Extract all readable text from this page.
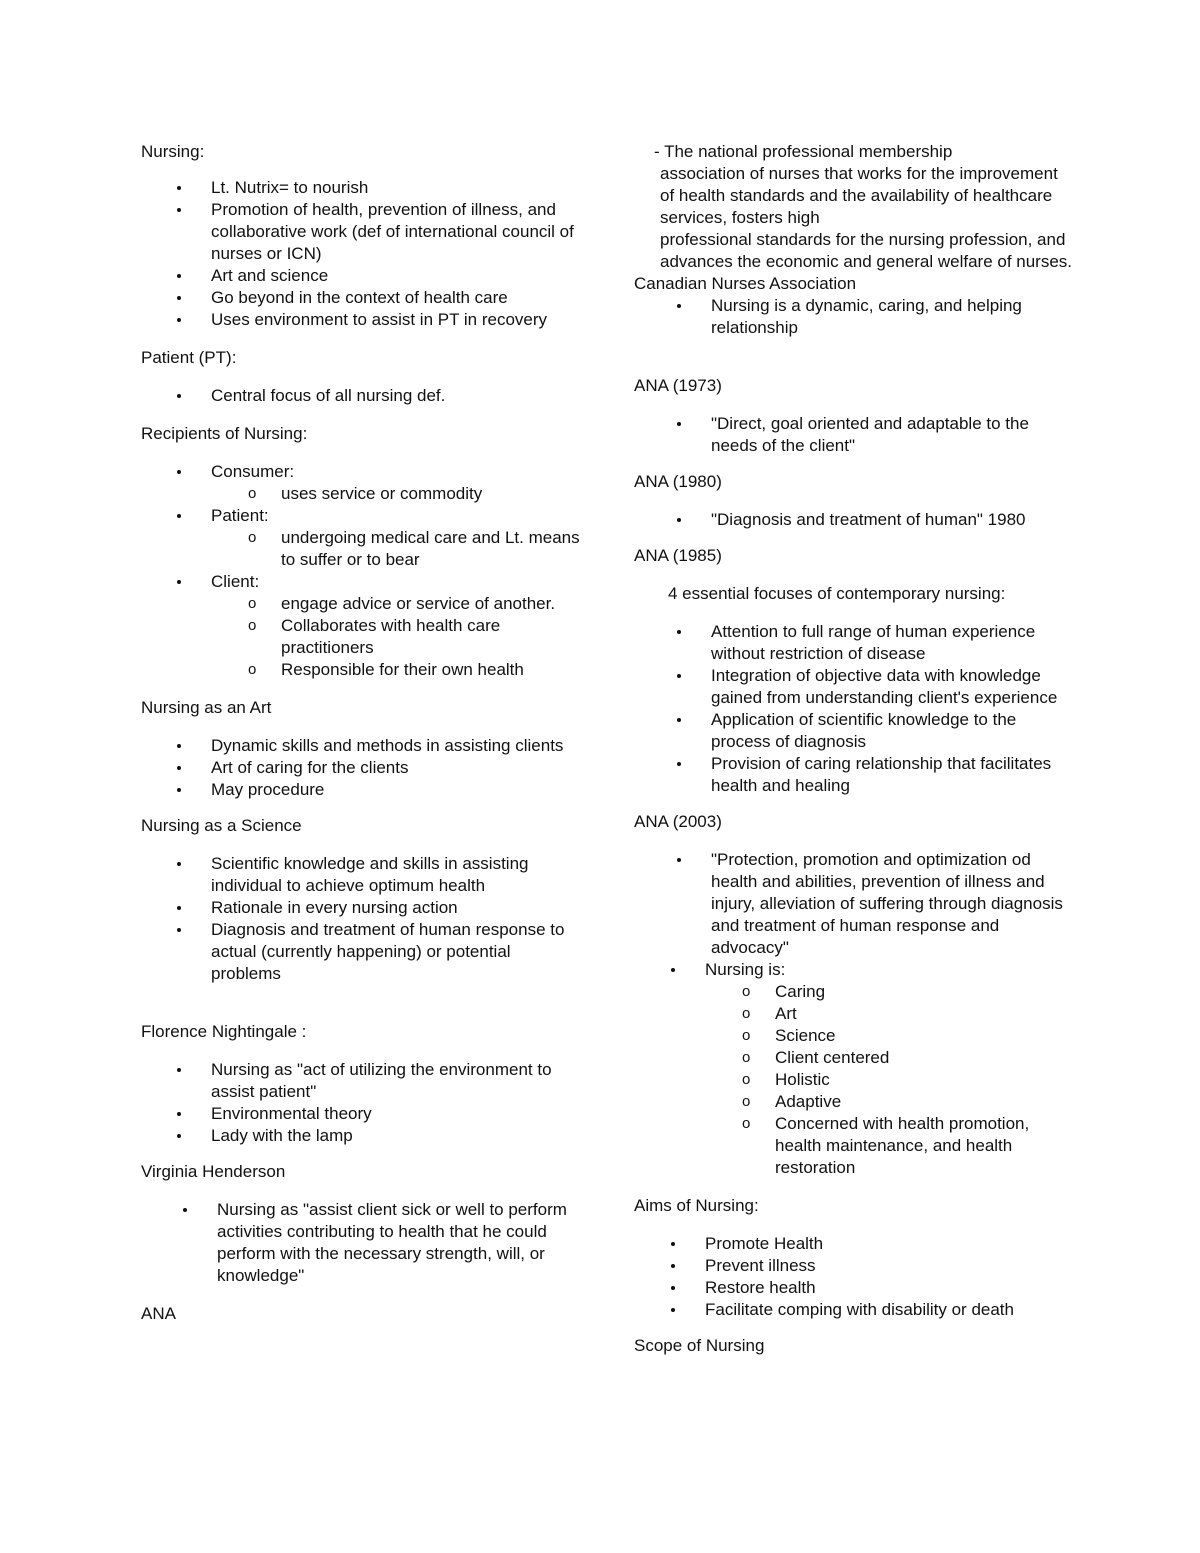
Nursing:

Lt. Nutrix= to nourish
Promotion of health, prevention of illness, and collaborative work (def of international council of nurses or ICN)
Art and science
Go beyond in the context of health care
Uses environment to assist in PT in recovery

Patient (PT):

Central focus of all nursing def.

Recipients of Nursing:

Consumer:
o uses service or commodity
Patient:
o undergoing medical care and Lt. means to suffer or to bear
Client:
o engage advice or service of another.
o Collaborates with health care practitioners
o Responsible for their own health

Nursing as an Art

Dynamic skills and methods in assisting clients
Art of caring for the clients
May procedure

Nursing as a Science

Scientific knowledge and skills in assisting individual to achieve optimum health
Rationale in every nursing action
Diagnosis and treatment of human response to actual (currently happening) or potential problems

Florence Nightingale :

Nursing as "act of utilizing the environment to assist patient"
Environmental theory
Lady with the lamp

Virginia Henderson

Nursing as "assist client sick or well to perform activities contributing to health that he could perform with the necessary strength, will, or knowledge"

ANA

- The national professional membership

association of nurses that works for the improvement of health standards and the availability of healthcare services, fosters high

professional standards for the nursing profession, and advances the economic and general welfare of nurses.

Canadian Nurses Association

Nursing is a dynamic, caring, and helping relationship

ANA (1973)

"Direct, goal oriented and adaptable to the needs of the client"

ANA (1980)

"Diagnosis and treatment of human" 1980

ANA (1985)

4 essential focuses of contemporary nursing:

Attention to full range of human experience without restriction of disease
Integration of objective data with knowledge gained from understanding client's experience
Application of scientific knowledge to the process of diagnosis
Provision of caring relationship that facilitates health and healing

ANA (2003)

"Protection, promotion and optimization od health and abilities, prevention of illness and injury, alleviation of suffering through diagnosis and treatment of human response and advocacy"
Nursing is:
o Caring
o Art
o Science
o Client centered
o Holistic
o Adaptive
o Concerned with health promotion, health maintenance, and health restoration

Aims of Nursing:

Promote Health
Prevent illness
Restore health
Facilitate comping with disability or death

Scope of Nursing
